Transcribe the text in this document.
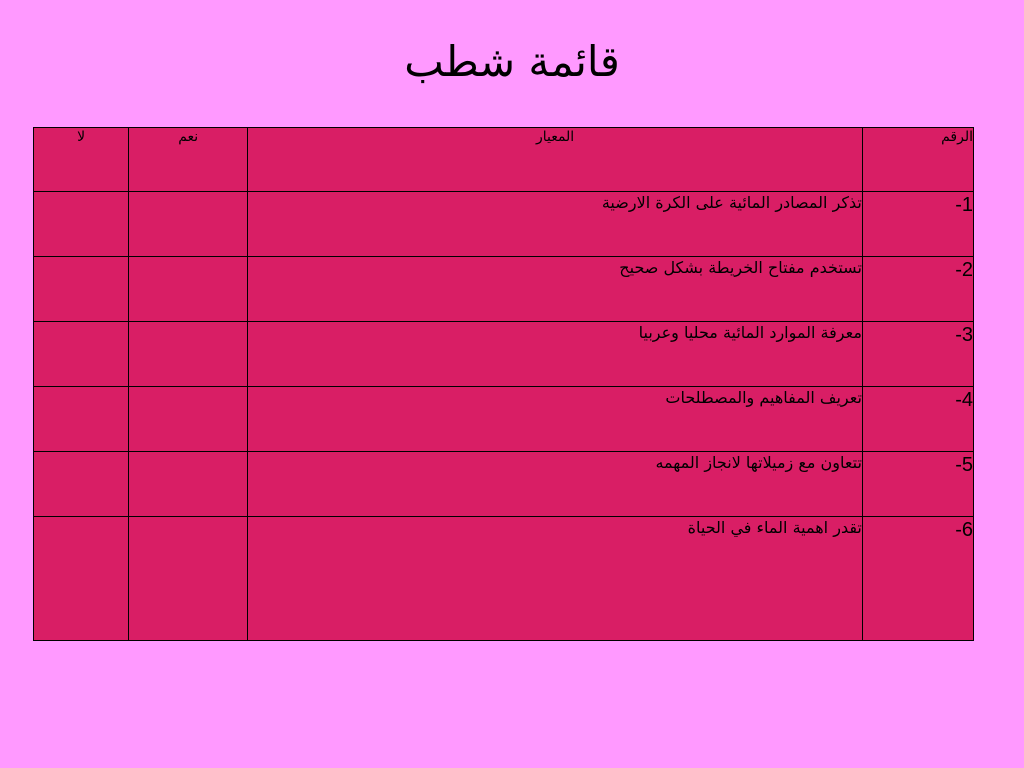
قائمة شطب
الرقم	المعيار	نعم	لا
1-	تذكر المصادر المائية على الكرة الارضية		
2-	تستخدم مفتاح الخريطة بشكل صحيح		
3-	معرفة الموارد المائية محليا وعربيا		
4-	تعريف المفاهيم والمصطلحات		
5-	تتعاون مع زميلاتها لانجاز المهمه		
6-	تقدر اهمية الماء في الحياة		
